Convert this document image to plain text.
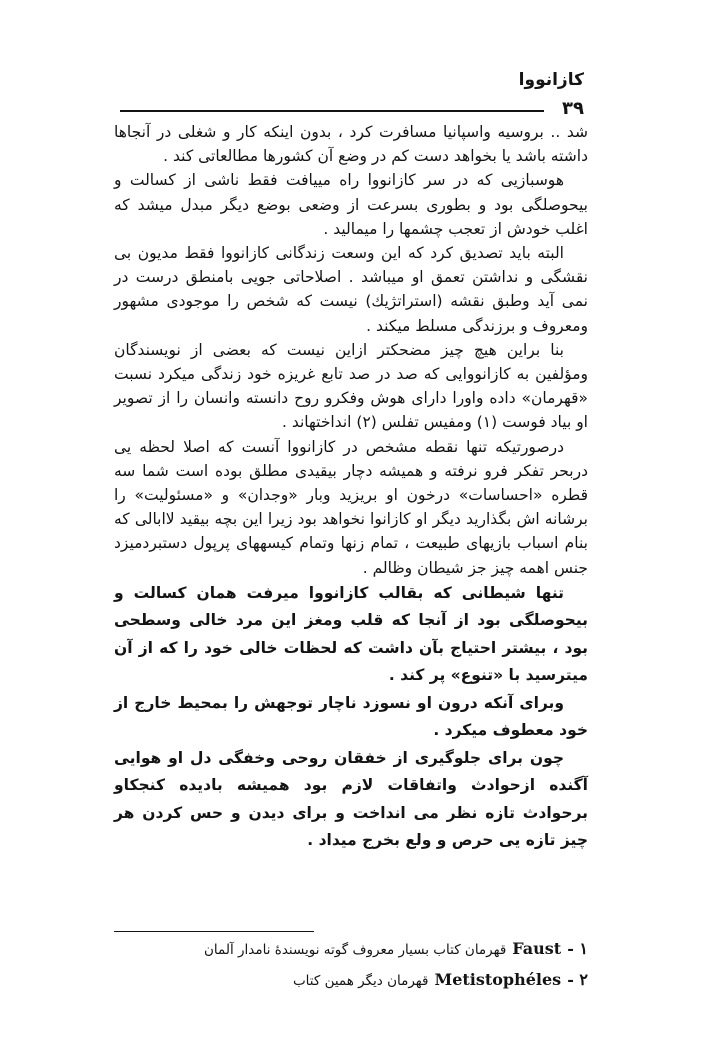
کازانووا
۳۹

شد .. بروسیه واسپانیا مسافرت کرد ، بدون اینکه کار و شغلی در آنجاها داشته باشد یا بخواهد دست کم در وضع آن کشورها مطالعاتی کند .

هوسبازیی که در سر کازانووا راه مییافت فقط ناشی از کسالت و بیحوصلگی بود و بطوری بسرعت از وضعی بوضع دیگر مبدل میشد که اغلب خودش از تعجب چشمها را میمالید .

البته باید تصدیق کرد که این وسعت زندگانی کازانووا فقط مدیون بی نقشگی و نداشتن تعمق او میباشد . اصلاحاتی جویی بامنطق درست در نمی آید وطبق نقشه (استراتژیك) نیست که شخص را موجودی مشهور ومعروف و برزندگی مسلط میکند .

بنا براین هیچ چیز مضحکتر ازاین نیست که بعضی از نویسندگان ومؤلفین به کازانووایی که صد در صد تابع غریزه خود زندگی میکرد نسبت «قهرمان» داده واورا دارای هوش وفکرو روح دانسته وانسان را از تصویر او بیاد فوست (۱) ومفیس تفلس (۲) انداختهاند .

درصورتیکه تنها نقطه مشخص در کازانووا آنست که اصلا لحظه یی دربحر تفکر فرو نرفته و همیشه دچار بیقیدی مطلق بوده است شما سه قطره «احساسات» درخون او بریزید وبار «وجدان» و «مسئولیت» را برشانه اش بگذارید دیگر او کازانوا نخواهد بود زیرا این بچه بیقید لاابالی که بنام اسباب بازیهای طبیعت ، تمام زنها وتمام کیسههای پرپول دستبردمیزد جنس اهمه چیز جز شیطان وظالم .

تنها شیطانی که بقالب کازانووا میرفت همان کسالت و بیحوصلگی بود از آنجا که قلب ومغز این مرد خالی وسطحی بود ، بیشتر احتیاج بآن داشت که لحظات خالی خود را که از آن میترسید با «تنوع» پر کند .

وبرای آنکه درون او نسوزد ناچار توجهش را بمحیط خارج از خود معطوف میکرد .

چون برای جلوگیری از خفقان روحی وخفگی دل او هوایی آگنده ازحوادث واتفاقات لازم بود همیشه بادیده کنجکاو برحوادث تازه نظر می انداخت و برای دیدن و حس کردن هر چیز تازه یی حرص و ولع بخرج میداد .

۱ -
Faust
قهرمان کتاب بسیار معروف گوته نویسندهٔ نامدار آلمان
۲ -
Metistophéles
قهرمان دیگر همین کتاب
